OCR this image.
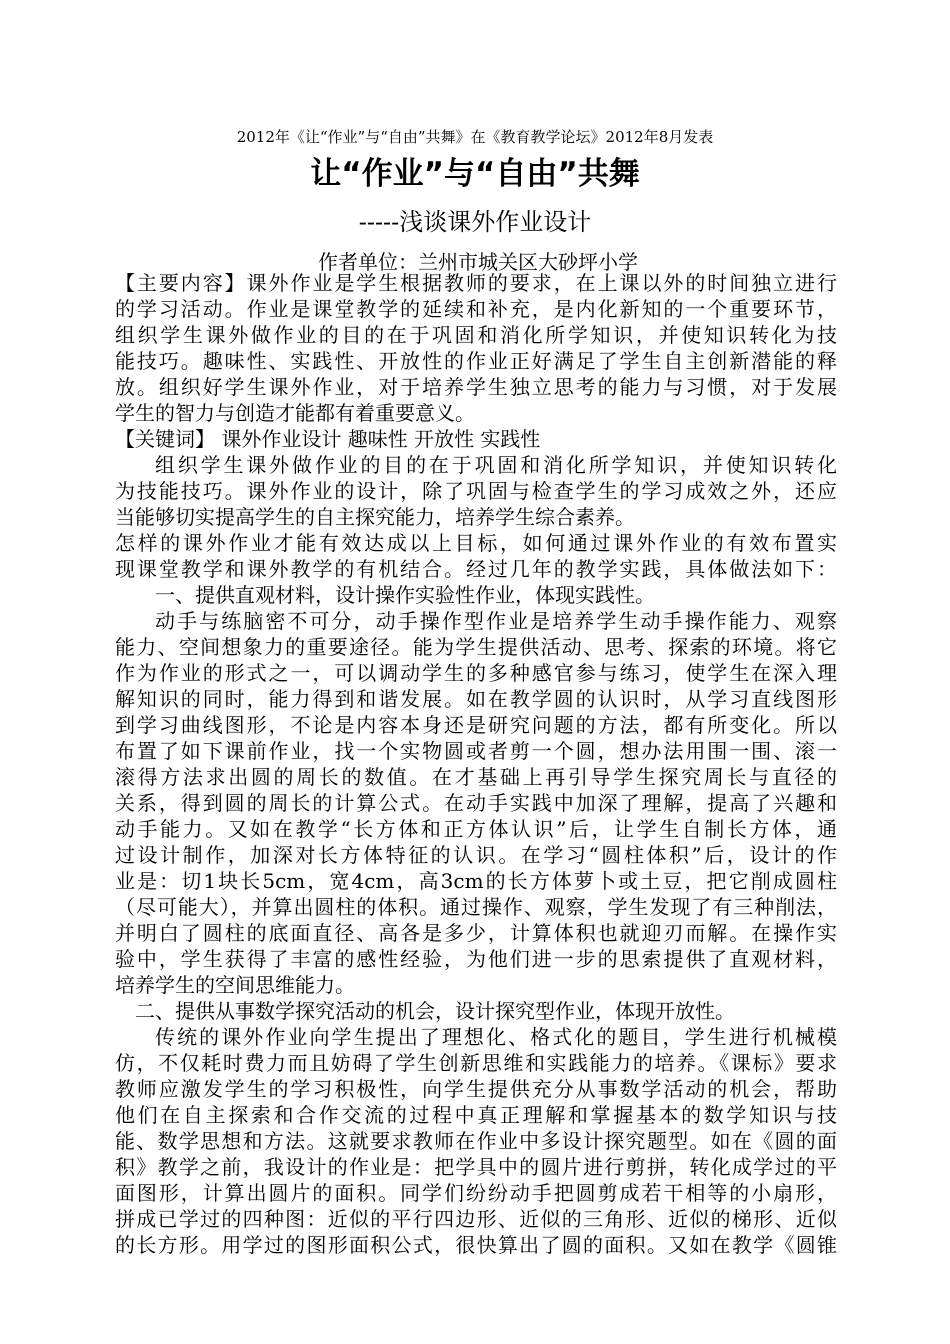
2012年《让“作业”与“自由”共舞》在《教育教学论坛》2012年8月发表
让“作业”与“自由”共舞
-----浅谈课外作业设计
作者单位：兰州市城关区大砂坪小学
【主要内容】课外作业是学生根据教师的要求，在上课以外的时间独立进行
的学习活动。作业是课堂教学的延续和补充，是内化新知的一个重要环节，
组织学生课外做作业的目的在于巩固和消化所学知识，并使知识转化为技
能技巧。趣味性、实践性、开放性的作业正好满足了学生自主创新潜能的释
放。组织好学生课外作业，对于培养学生独立思考的能力与习惯，对于发展
学生的智力与创造才能都有着重要意义。
【关键词】 课外作业设计 趣味性 开放性 实践性
组织学生课外做作业的目的在于巩固和消化所学知识，并使知识转化
为技能技巧。课外作业的设计，除了巩固与检查学生的学习成效之外，还应
当能够切实提高学生的自主探究能力，培养学生综合素养。
怎样的课外作业才能有效达成以上目标，如何通过课外作业的有效布置实
现课堂教学和课外教学的有机结合。经过几年的教学实践，具体做法如下：
一、提供直观材料，设计操作实验性作业，体现实践性。
动手与练脑密不可分，动手操作型作业是培养学生动手操作能力、观察
能力、空间想象力的重要途径。能为学生提供活动、思考、探索的环境。将它
作为作业的形式之一，可以调动学生的多种感官参与练习，使学生在深入理
解知识的同时，能力得到和谐发展。如在教学圆的认识时，从学习直线图形
到学习曲线图形，不论是内容本身还是研究问题的方法，都有所变化。所以
布置了如下课前作业，找一个实物圆或者剪一个圆，想办法用围一围、滚一
滚得方法求出圆的周长的数值。在才基础上再引导学生探究周长与直径的
关系，得到圆的周长的计算公式。在动手实践中加深了理解，提高了兴趣和
动手能力。又如在教学“长方体和正方体认识”后，让学生自制长方体，通
过设计制作，加深对长方体特征的认识。在学习“圆柱体积”后，设计的作
业是：切1块长5cm，宽4cm，高3cm的长方体萝卜或土豆，把它削成圆柱
（尽可能大），并算出圆柱的体积。通过操作、观察，学生发现了有三种削法，
并明白了圆柱的底面直径、高各是多少，计算体积也就迎刃而解。在操作实
验中，学生获得了丰富的感性经验，为他们进一步的思索提供了直观材料，
培养学生的空间思维能力。
二、提供从事数学探究活动的机会，设计探究型作业，体现开放性。
传统的课外作业向学生提出了理想化、格式化的题目，学生进行机械模
仿，不仅耗时费力而且妨碍了学生创新思维和实践能力的培养。《课标》要求
教师应激发学生的学习积极性，向学生提供充分从事数学活动的机会，帮助
他们在自主探索和合作交流的过程中真正理解和掌握基本的数学知识与技
能、数学思想和方法。这就要求教师在作业中多设计探究题型。如在《圆的面
积》教学之前，我设计的作业是：把学具中的圆片进行剪拼，转化成学过的平
面图形，计算出圆片的面积。同学们纷纷动手把圆剪成若干相等的小扇形，
拼成已学过的四种图：近似的平行四边形、近似的三角形、近似的梯形、近似
的长方形。用学过的图形面积公式，很快算出了圆的面积。又如在教学《圆锥
